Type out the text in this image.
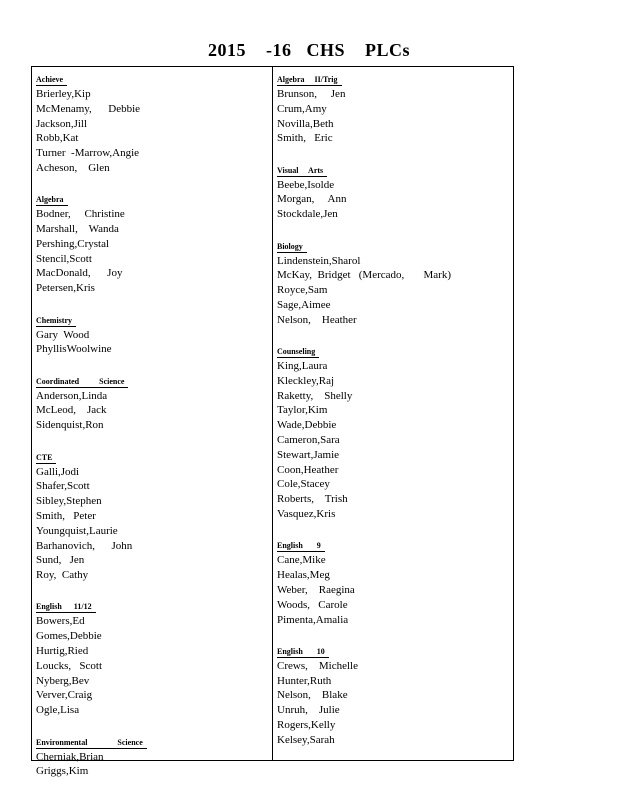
2015    -16   CHS    PLCs
Achieve
Brierley,Kip
McMenamy,      Debbie
Jackson,Jill
Robb,Kat
Turner  -Marrow,Angie
Acheson,    Glen
Algebra
Bodner,     Christine
Marshall,    Wanda
Pershing,Crystal
Stencil,Scott
MacDonald,      Joy
Petersen,Kris
Chemistry
Gary  Wood
PhyllisWoolwine
Coordinated          Science
Anderson,Linda
McLeod,    Jack
Sidenquist,Ron
CTE
Galli,Jodi
Shafer,Scott
Sibley,Stephen
Smith,   Peter
Youngquist,Laurie
Barhanovich,      John
Sund,   Jen
Roy,  Cathy
English      11/12
Bowers,Ed
Gomes,Debbie
Hurtig,Ried
Loucks,   Scott
Nyberg,Bev
Verver,Craig
Ogle,Lisa
Environmental               Science
Cherniak,Brian
Griggs,Kim
Algebra     II/Trig
Brunson,     Jen
Crum,Amy
Novilla,Beth
Smith,   Eric
Visual     Arts
Beebe,Isolde
Morgan,     Ann
Stockdale,Jen
Biology
Lindenstein,Sharol
McKay,  Bridget   (Mercado,       Mark)
Royce,Sam
Sage,Aimee
Nelson,    Heather
Counseling
King,Laura
Kleckley,Raj
Raketty,    Shelly
Taylor,Kim
Wade,Debbie
Cameron,Sara
Stewart,Jamie
Coon,Heather
Cole,Stacey
Roberts,    Trish
Vasquez,Kris
English       9
Cane,Mike
Healas,Meg
Weber,    Raegina
Woods,   Carole
Pimenta,Amalia
English       10
Crews,    Michelle
Hunter,Ruth
Nelson,    Blake
Unruh,    Julie
Rogers,Kelly
Kelsey,Sarah
